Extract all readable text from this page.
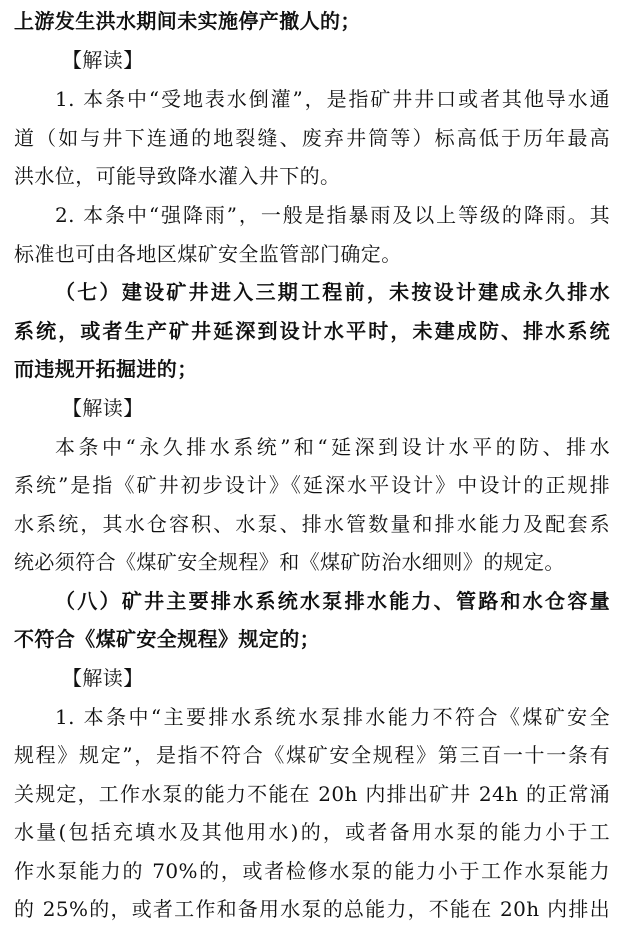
上游发生洪水期间未实施停产撤人的；
【解读】
1. 本条中“受地表水倒灌”，是指矿井井口或者其他导水通
道（如与井下连通的地裂缝、废弃井筒等）标高低于历年最高
洪水位，可能导致降水灌入井下的。
2. 本条中“强降雨”，一般是指暴雨及以上等级的降雨。其
标准也可由各地区煤矿安全监管部门确定。
（七）建设矿井进入三期工程前，未按设计建成永久排水
系统，或者生产矿井延深到设计水平时，未建成防、排水系统
而违规开拓掘进的；
【解读】
本条中“永久排水系统”和“延深到设计水平的防、排水
系统”是指《矿井初步设计》《延深水平设计》中设计的正规排
水系统，其水仓容积、水泵、排水管数量和排水能力及配套系
统必须符合《煤矿安全规程》和《煤矿防治水细则》的规定。
（八）矿井主要排水系统水泵排水能力、管路和水仓容量
不符合《煤矿安全规程》规定的；
【解读】
1. 本条中“主要排水系统水泵排水能力不符合《煤矿安全
规程》规定”，是指不符合《煤矿安全规程》第三百一十一条有
关规定，工作水泵的能力不能在 20h 内排出矿井 24h 的正常涌
水量(包括充填水及其他用水)的，或者备用水泵的能力小于工
作水泵能力的 70%的，或者检修水泵的能力小于工作水泵能力
的 25%的，或者工作和备用水泵的总能力，不能在 20h 内排出
